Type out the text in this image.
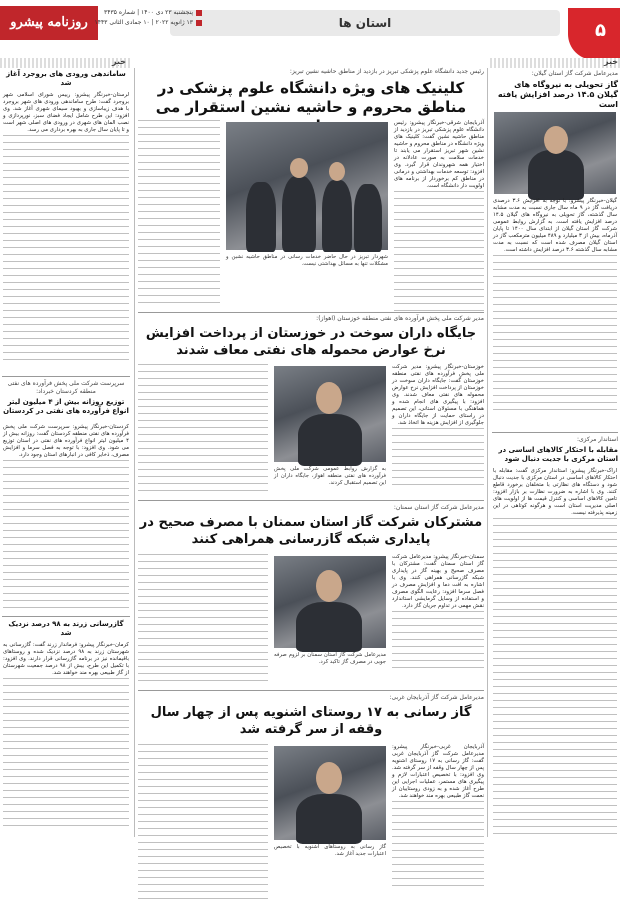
۵
استان ها
روزنامه پیشرو
پنجشنبه ۲۳ دی ۱۴۰۰ | شماره ۳۴۳۵
۱۳ ژانویه ۲۰۲۲ | ۱۰ جمادی الثانی ۱۴۴۳
خبر
خبر
مدیرعامل شرکت گاز استان گیلان:
گاز تحویلی به نیروگاه های گیلان ۱۴.۵ درصد افزایش یافته است

گیلان-خبرنگار پیشرو: با توجه به افزایش ۳.۶ درصدی دریافت گاز در ۹ ماه سال جاری نسبت به مدت مشابه سال گذشته، گاز تحویلی به نیروگاه های گیلان ۱۴.۵ درصد افزایش یافته است. به گزارش روابط عمومی شرکت گاز استان گیلان از ابتدای سال ۱۴۰۰ تا پایان آذرماه، بیش از ۳ میلیارد و ۴۸۹ میلیون مترمکعب گاز در استان گیلان مصرف شده است که نسبت به مدت مشابه سال گذشته ۳.۶ درصد افزایش داشته است.

استاندار مرکزی:
مقابله با احتکار کالاهای اساسی در استان مرکزی با جدیت دنبال شود

اراک-خبرنگار پیشرو: استاندار مرکزی گفت: مقابله با احتکار کالاهای اساسی در استان مرکزی با جدیت دنبال شود و دستگاه های نظارتی با متخلفان برخورد قاطع کنند. وی با اشاره به ضرورت نظارت بر بازار افزود: تامین کالاهای اساسی و کنترل قیمت ها از اولویت های اصلی مدیریت استان است و هرگونه کوتاهی در این زمینه پذیرفته نیست.

رئیس جدید دانشگاه علوم پزشکی تبریز در بازدید از مناطق حاشیه نشین تبریز:
کلینیک های ویژه دانشگاه علوم پزشکی در مناطق محروم و حاشیه نشین استقرار می

آذربایجان شرقی-خبرنگار پیشرو: رئیس دانشگاه علوم پزشکی تبریز در بازدید از مناطق حاشیه نشین گفت: کلینیک های ویژه دانشگاه در مناطق محروم و حاشیه نشین شهر تبریز استقرار می یابند تا خدمات سلامت به صورت عادلانه در اختیار همه شهروندان قرار گیرد. وی افزود: توسعه خدمات بهداشتی و درمانی در مناطق کم برخوردار از برنامه های اولویت دار دانشگاه است.

شهردار تبریز در حال حاضر خدمات رسانی در مناطق حاشیه نشین و مشکلات تنها به مسائل بهداشتی نیست.
مدیر شرکت ملی پخش فرآورده های نفتی منطقه خوزستان (اهواز):
جایگاه داران سوخت در خوزستان از پرداخت افزایش نرخ عوارض محموله های نفتی معاف شدند

خوزستان-خبرنگار پیشرو: مدیر شرکت ملی پخش فرآورده های نفتی منطقه خوزستان گفت: جایگاه داران سوخت در خوزستان از پرداخت افزایش نرخ عوارض محموله های نفتی معاف شدند. وی افزود: با پیگیری های انجام شده و هماهنگی با مسئولان استانی، این تصمیم در راستای حمایت از جایگاه داران و جلوگیری از افزایش هزینه ها اتخاذ شد.

به گزارش روابط عمومی شرکت ملی پخش فرآورده های نفتی منطقه اهواز، جایگاه داران از این تصمیم استقبال کردند.
مدیرعامل شرکت گاز استان سمنان:
مشترکان شرکت گاز استان سمنان با مصرف صحیح در پایداری شبکه گازرسانی همراهی کنند

سمنان-خبرنگار پیشرو: مدیرعامل شرکت گاز استان سمنان گفت: مشترکان با مصرف صحیح و بهینه گاز در پایداری شبکه گازرسانی همراهی کنند. وی با اشاره به افت دما و افزایش مصرف در فصل سرما افزود: رعایت الگوی مصرف و استفاده از وسایل گرمایشی استاندارد نقش مهمی در تداوم جریان گاز دارد.

مدیرعامل شرکت گاز استان سمنان بر لزوم صرفه جویی در مصرف گاز تاکید کرد.
مدیرعامل شرکت گاز آذربایجان غربی:
گاز رسانی به ۱۷ روستای اشنویه پس از چهار سال وقفه از سر گرفته شد

آذربایجان غربی-خبرنگار پیشرو: مدیرعامل شرکت گاز آذربایجان غربی گفت: گاز رسانی به ۱۷ روستای اشنویه پس از چهار سال وقفه از سر گرفته شد. وی افزود: با تخصیص اعتبارات لازم و پیگیری های مستمر، عملیات اجرایی این طرح آغاز شده و به زودی روستاییان از نعمت گاز طبیعی بهره مند خواهند شد.

گاز رسانی به روستاهای اشنویه با تخصیص اعتبارات جدید آغاز شد.
ساماندهی ورودی های بروجرد آغاز شد

لرستان-خبرنگار پیشرو: رییس شورای اسلامی شهر بروجرد گفت: طرح ساماندهی ورودی های شهر بروجرد با هدف زیباسازی و بهبود سیمای شهری آغاز شد. وی افزود: این طرح شامل ایجاد فضای سبز، نورپردازی و نصب المان های شهری در ورودی های اصلی شهر است و تا پایان سال جاری به بهره برداری می رسد.

سرپرست شرکت ملی پخش فرآورده های نفتی منطقه کردستان خبرداد:
توزیع روزانه بیش از ۴ میلیون لیتر انواع فرآورده های نفتی در کردستان

کردستان-خبرنگار پیشرو: سرپرست شرکت ملی پخش فرآورده های نفتی منطقه کردستان گفت: روزانه بیش از ۴ میلیون لیتر انواع فرآورده های نفتی در استان توزیع می شود. وی افزود: با توجه به فصل سرما و افزایش مصرف، ذخایر کافی در انبارهای استان وجود دارد.

گازرسانی زرند به ۹۸ درصد نزدیک شد

کرمان-خبرنگار پیشرو: فرماندار زرند گفت: گازرسانی به شهرستان زرند به ۹۸ درصد نزدیک شده و روستاهای باقیمانده نیز در برنامه گازرسانی قرار دارند. وی افزود: با تکمیل این طرح، بیش از ۹۸ درصد جمعیت شهرستان از گاز طبیعی بهره مند خواهند شد.
